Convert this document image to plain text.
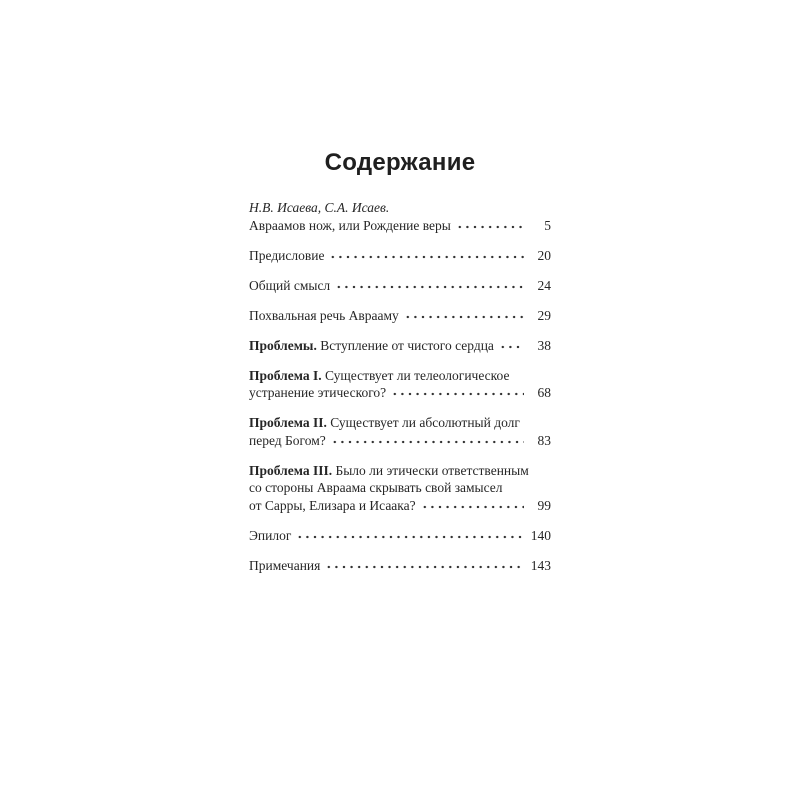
Содержание
Н.В. Исаева, С.А. Исаев.
Авраамов нож, или Рождение веры	5
Предисловие	20
Общий смысл	24
Похвальная речь Аврааму	29
Проблемы. Вступление от чистого сердца	38
Проблема I. Существует ли телеологическое
устранение этического?	68
Проблема II. Существует ли абсолютный долг
перед Богом?	83
Проблема III. Было ли этически ответственным
со стороны Авраама скрывать свой замысел
от Сарры, Елизара и Исаака?	99
Эпилог	140
Примечания	143
